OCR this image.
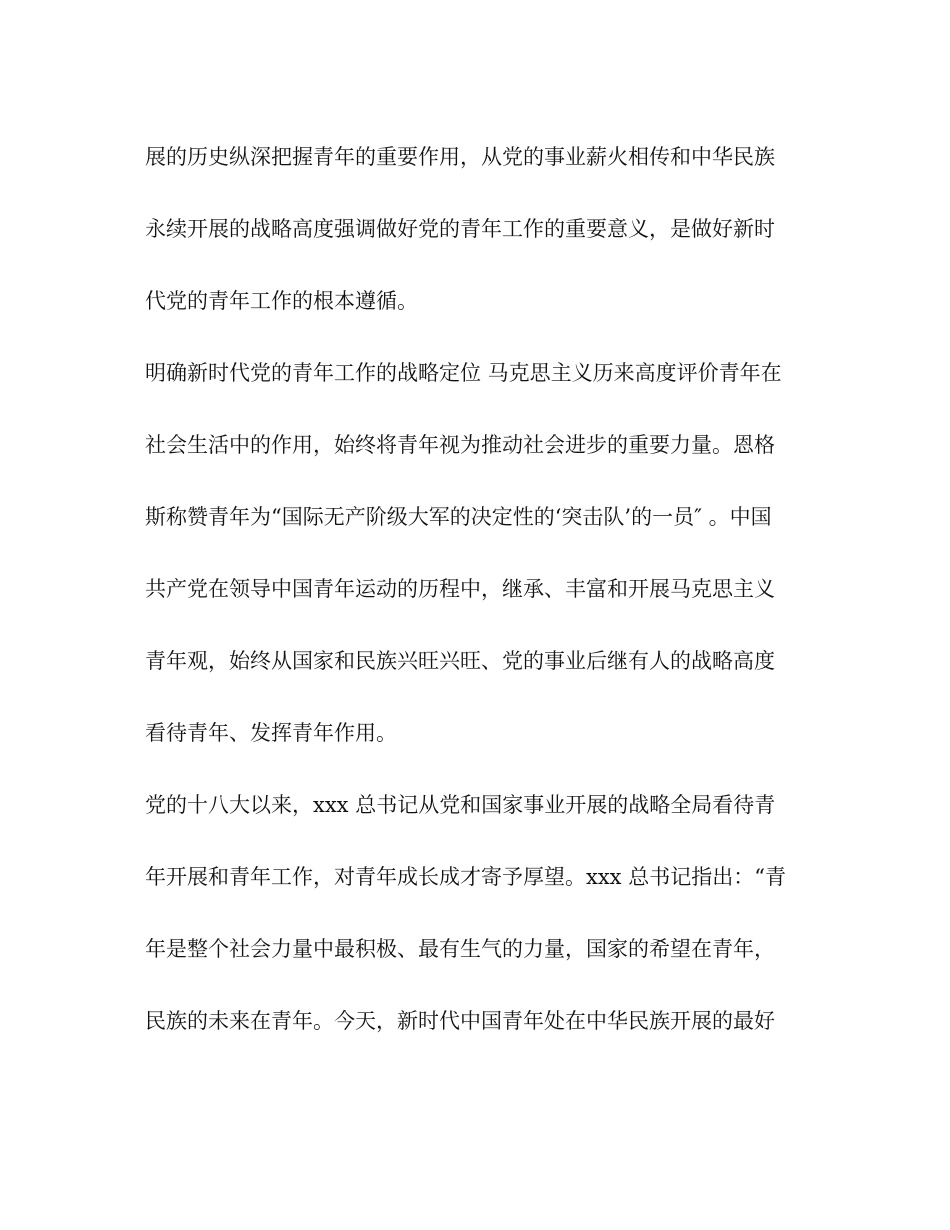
展的历史纵深把握青年的重要作用，从党的事业薪火相传和中华民族
永续开展的战略高度强调做好党的青年工作的重要意义，是做好新时
代党的青年工作的根本遵循。
明确新时代党的青年工作的战略定位 马克思主义历来高度评价青年在
社会生活中的作用，始终将青年视为推动社会进步的重要力量。恩格
斯称赞青年为“国际无产阶级大军的决定性的‘突击队’的一员″ 。中国
共产党在领导中国青年运动的历程中，继承、丰富和开展马克思主义
青年观，始终从国家和民族兴旺兴旺、党的事业后继有人的战略高度
看待青年、发挥青年作用。
党的十八大以来，xxx 总书记从党和国家事业开展的战略全局看待青
年开展和青年工作，对青年成长成才寄予厚望。xxx 总书记指出：“青
年是整个社会力量中最积极、最有生气的力量，国家的希望在青年，
民族的未来在青年。今天，新时代中国青年处在中华民族开展的最好
